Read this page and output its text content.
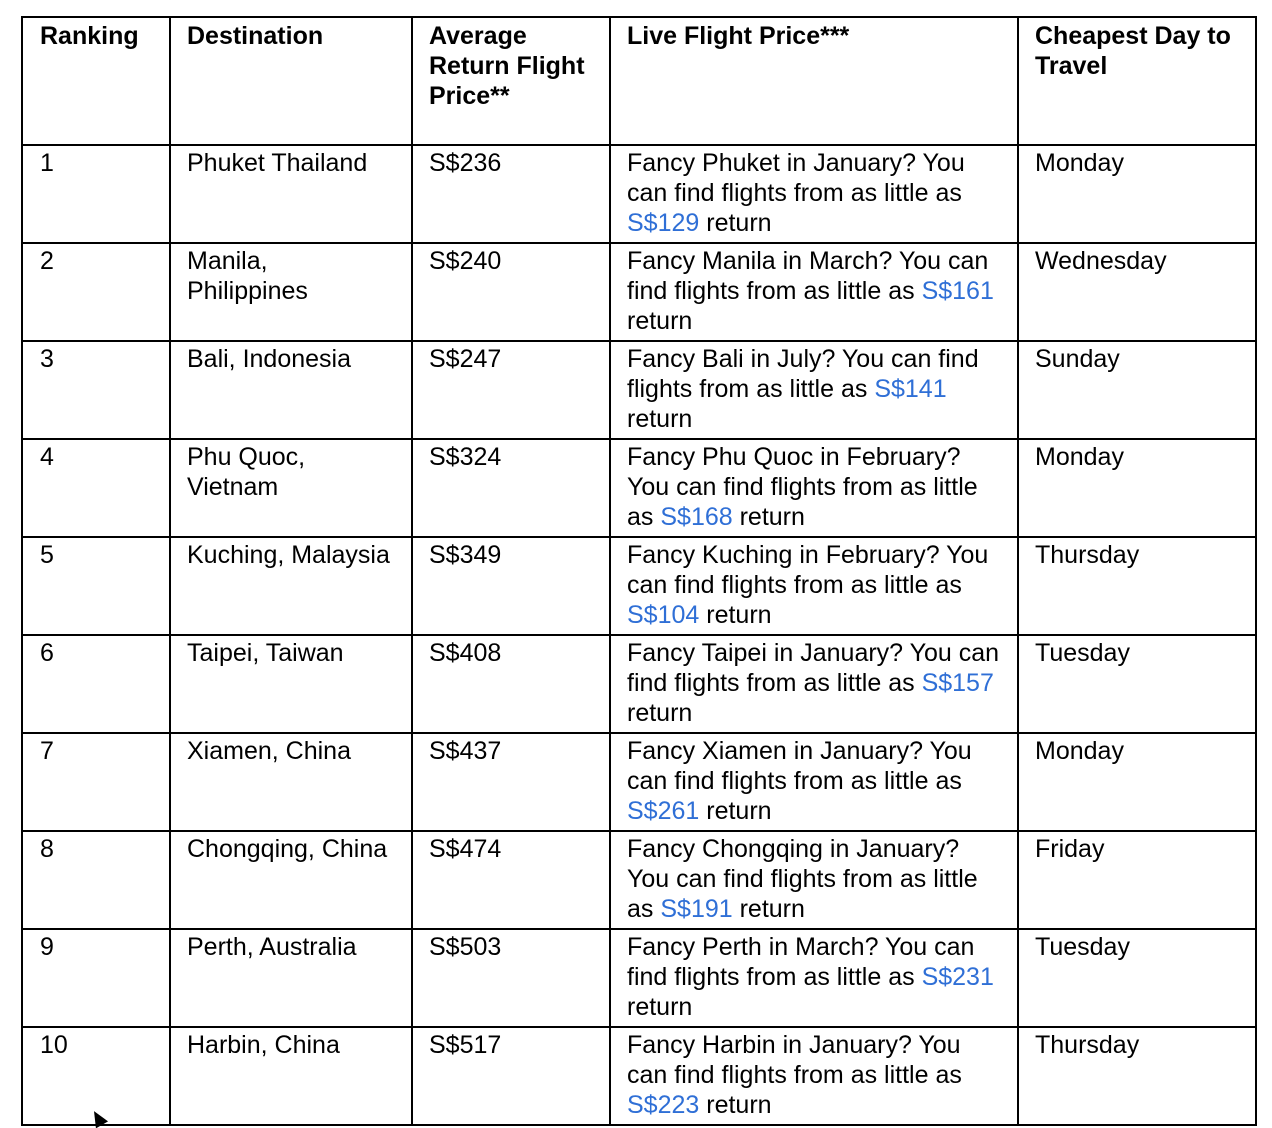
Ranking	Destination	Average Return Flight Price**	Live Flight Price***	Cheapest Day to Travel
1	Phuket Thailand	S$236	Fancy Phuket in January? You can find flights from as little as S$129 return	Monday
2	Manila, Philippines	S$240	Fancy Manila in March? You can find flights from as little as S$161 return	Wednesday
3	Bali, Indonesia	S$247	Fancy Bali in July? You can find flights from as little as S$141 return	Sunday
4	Phu Quoc, Vietnam	S$324	Fancy Phu Quoc in February? You can find flights from as little as S$168 return	Monday
5	Kuching, Malaysia	S$349	Fancy Kuching in February? You can find flights from as little as S$104 return	Thursday
6	Taipei, Taiwan	S$408	Fancy Taipei in January? You can find flights from as little as S$157 return	Tuesday
7	Xiamen, China	S$437	Fancy Xiamen in January? You can find flights from as little as S$261 return	Monday
8	Chongqing, China	S$474	Fancy Chongqing in January? You can find flights from as little as S$191 return	Friday
9	Perth, Australia	S$503	Fancy Perth in March? You can find flights from as little as S$231 return	Tuesday
10	Harbin, China	S$517	Fancy Harbin in January? You can find flights from as little as S$223 return	Thursday
